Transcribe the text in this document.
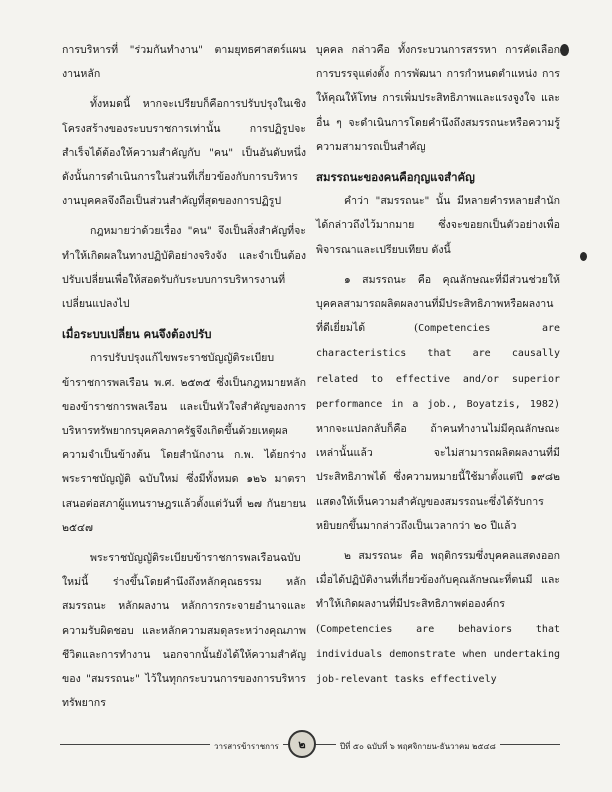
การบริหารที่ "ร่วมกันทำงาน" ตามยุทธศาสตร์แผนงานหลัก

ทั้งหมดนี้ หากจะเปรียบก็คือการปรับปรุงในเชิงโครงสร้างของระบบราชการเท่านั้น การปฏิรูปจะสำเร็จได้ต้องให้ความสำคัญกับ "คน" เป็นอันดับหนึ่ง ดังนั้นการดำเนินการในส่วนที่เกี่ยวข้องกับการบริหารงานบุคคลจึงถือเป็นส่วนสำคัญที่สุดของการปฏิรูป

กฎหมายว่าด้วยเรื่อง "คน" จึงเป็นสิ่งสำคัญที่จะทำให้เกิดผลในทางปฏิบัติอย่างจริงจัง และจำเป็นต้องปรับเปลี่ยนเพื่อให้สอดรับกับระบบการบริหารงานที่เปลี่ยนแปลงไป

เมื่อระบบเปลี่ยน คนจึงต้องปรับ

การปรับปรุงแก้ไขพระราชบัญญัติระเบียบข้าราชการพลเรือน พ.ศ. ๒๕๓๕ ซึ่งเป็นกฎหมายหลักของข้าราชการพลเรือน และเป็นหัวใจสำคัญของการบริหารทรัพยากรบุคคลภาครัฐจึงเกิดขึ้นด้วยเหตุผลความจำเป็นข้างต้น โดยสำนักงาน ก.พ. ได้ยกร่าง พระราชบัญญัติ ฉบับใหม่ ซึ่งมีทั้งหมด ๑๒๖ มาตรา เสนอต่อสภาผู้แทนราษฎรแล้วตั้งแต่วันที่ ๒๗ กันยายน ๒๕๔๗

พระราชบัญญัติระเบียบข้าราชการพลเรือนฉบับใหม่นี้ ร่างขึ้นโดยคำนึงถึงหลักคุณธรรม หลักสมรรถนะ หลักผลงาน หลักการกระจายอำนาจและความรับผิดชอบ และหลักความสมดุลระหว่างคุณภาพชีวิตและการทำงาน นอกจากนั้นยังได้ให้ความสำคัญของ "สมรรถนะ" ไว้ในทุกกระบวนการของการบริหารทรัพยากร

บุคคล กล่าวคือ ทั้งกระบวนการสรรหา การคัดเลือก การบรรจุแต่งตั้ง การพัฒนา การกำหนดตำแหน่ง การให้คุณให้โทษ การเพิ่มประสิทธิภาพและแรงจูงใจ และอื่น ๆ จะดำเนินการโดยคำนึงถึงสมรรถนะหรือความรู้ความสามารถเป็นสำคัญ

สมรรถนะของคนคือกุญแจสำคัญ

คำว่า "สมรรถนะ" นั้น มีหลายคำรหลายสำนักได้กล่าวถึงไว้มากมาย ซึ่งจะขอยกเป็นตัวอย่างเพื่อพิจารณาและเปรียบเทียบ ดังนี้

๑ สมรรถนะ คือ คุณลักษณะที่มีส่วนช่วยให้บุคคลสามารถผลิตผลงานที่มีประสิทธิภาพหรือผลงานที่ดีเยี่ยมได้ (Competencies are characteristics that are causally related to effective and/or superior performance in a job., Boyatzis, 1982) หากจะแปลกลับก็คือ ถ้าคนทำงานไม่มีคุณลักษณะเหล่านั้นแล้ว จะไม่สามารถผลิตผลงานที่มีประสิทธิภาพได้ ซึ่งความหมายนี้ใช้มาตั้งแต่ปี ๑๙๘๒ แสดงให้เห็นความสำคัญของสมรรถนะซึ่งได้รับการหยิบยกขึ้นมากล่าวถึงเป็นเวลากว่า ๒๐ ปีแล้ว

๒ สมรรถนะ คือ พฤติกรรมซึ่งบุคคลแสดงออกเมื่อได้ปฏิบัติงานที่เกี่ยวข้องกับคุณลักษณะที่ตนมี และทำให้เกิดผลงานที่มีประสิทธิภาพต่อองค์กร (Competencies are behaviors that individuals demonstrate when undertaking job-relevant tasks effectively

วารสารข้าราชการ	๒	ปีที่ ๕๐ ฉบับที่ ๖ พฤศจิกายน-ธันวาคม ๒๕๔๘
